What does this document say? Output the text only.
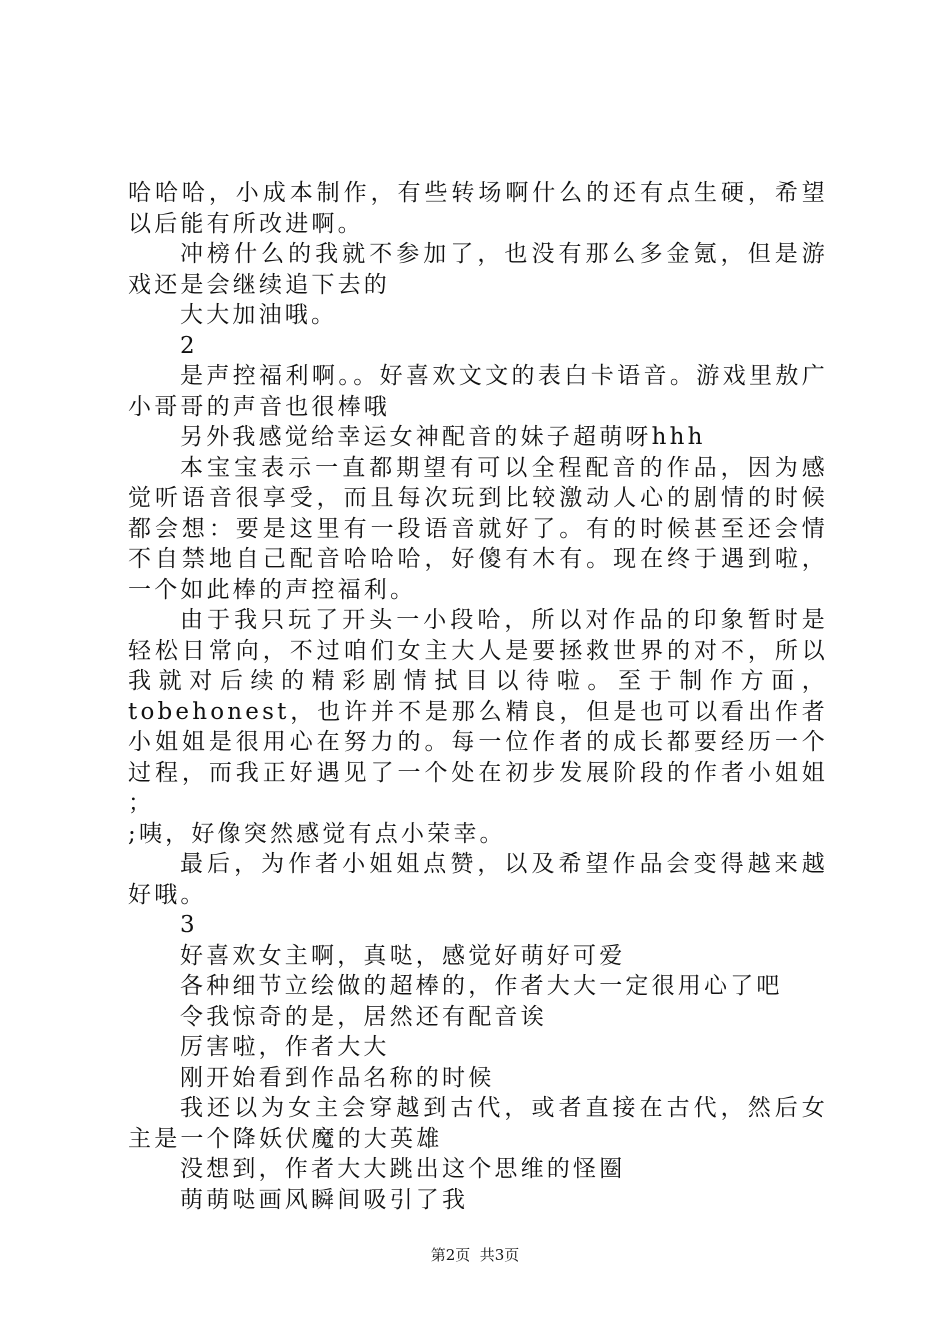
哈哈哈，小成本制作，有些转场啊什么的还有点生硬，希望以后能有所改进啊。

冲榜什么的我就不参加了，也没有那么多金氪，但是游戏还是会继续追下去的

大大加油哦。

2

是声控福利啊。。好喜欢文文的表白卡语音。游戏里敖广小哥哥的声音也很棒哦

另外我感觉给幸运女神配音的妹子超萌呀hhh

本宝宝表示一直都期望有可以全程配音的作品，因为感觉听语音很享受，而且每次玩到比较激动人心的剧情的时候都会想：要是这里有一段语音就好了。有的时候甚至还会情不自禁地自己配音哈哈哈，好傻有木有。现在终于遇到啦，一个如此棒的声控福利。

由于我只玩了开头一小段哈，所以对作品的印象暂时是轻松日常向，不过咱们女主大人是要拯救世界的对不，所以我就对后续的精彩剧情拭目以待啦。至于制作方面，tobehonest，也许并不是那么精良，但是也可以看出作者小姐姐是很用心在努力的。每一位作者的成长都要经历一个过程，而我正好遇见了一个处在初步发展阶段的作者小姐姐 ；

;咦，好像突然感觉有点小荣幸。

最后，为作者小姐姐点赞，以及希望作品会变得越来越好哦。

3

好喜欢女主啊，真哒，感觉好萌好可爱

各种细节立绘做的超棒的，作者大大一定很用心了吧

令我惊奇的是，居然还有配音诶

厉害啦，作者大大

刚开始看到作品名称的时候

我还以为女主会穿越到古代，或者直接在古代，然后女主是一个降妖伏魔的大英雄

没想到，作者大大跳出这个思维的怪圈

萌萌哒画风瞬间吸引了我

第2页  共3页
